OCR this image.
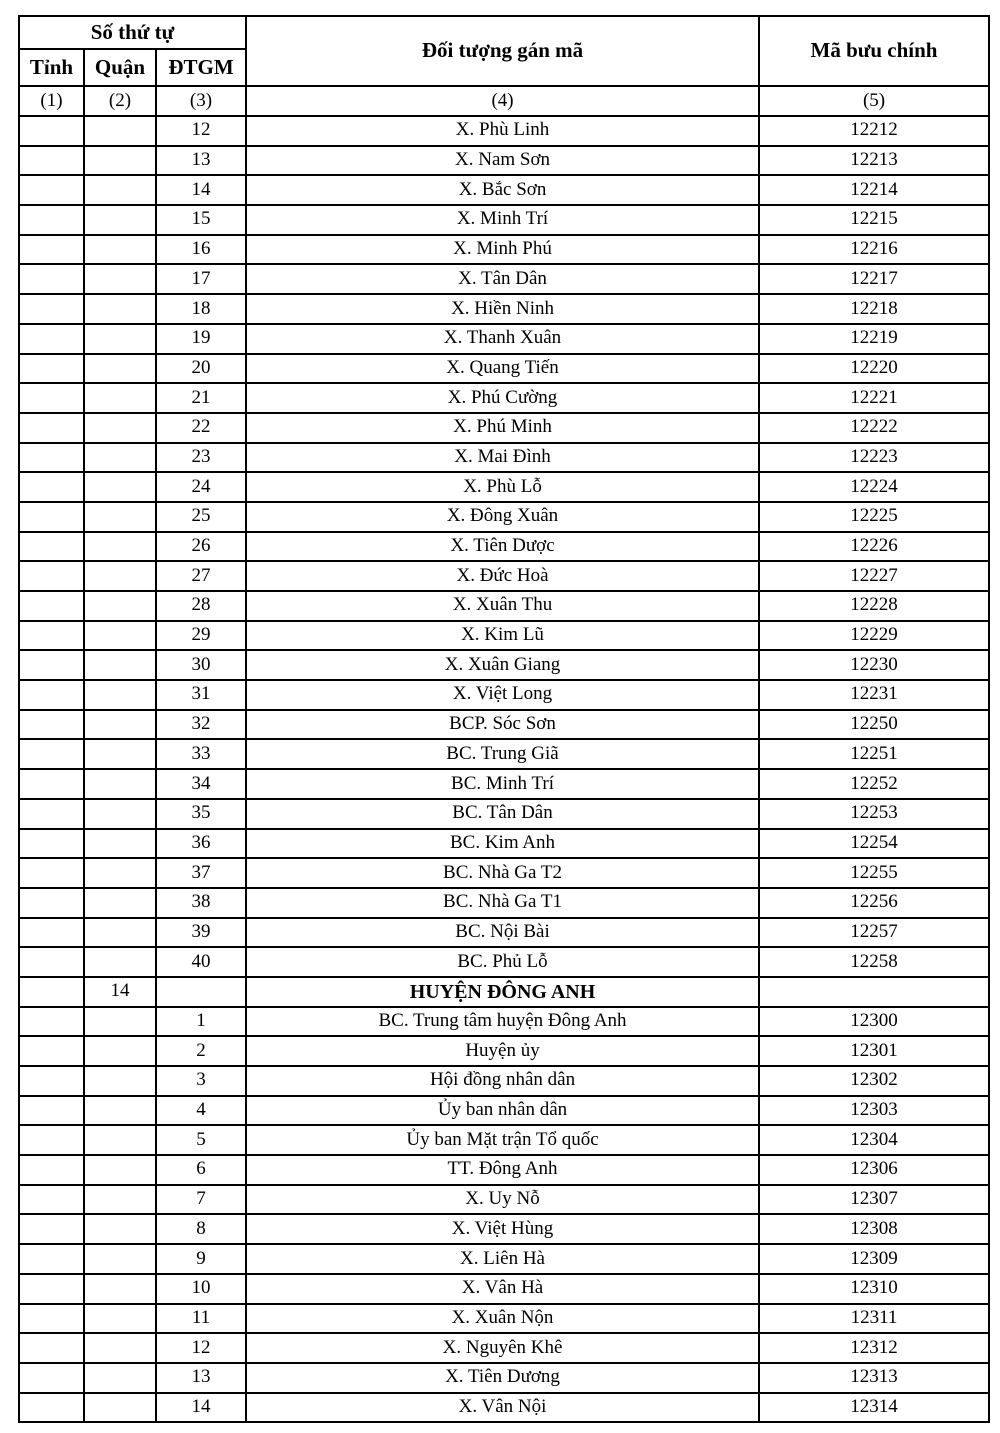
Số thứ tự			Đối tượng gán mã	Mã bưu chính
Tỉnh	Quận	ĐTGM		
(1)	(2)	(3)	(4)	(5)
		12	X. Phù Linh	12212
		13	X. Nam Sơn	12213
		14	X. Bắc Sơn	12214
		15	X. Minh Trí	12215
		16	X. Minh Phú	12216
		17	X. Tân Dân	12217
		18	X. Hiền Ninh	12218
		19	X. Thanh Xuân	12219
		20	X. Quang Tiến	12220
		21	X. Phú Cường	12221
		22	X. Phú Minh	12222
		23	X. Mai Đình	12223
		24	X. Phù Lỗ	12224
		25	X. Đông Xuân	12225
		26	X. Tiên Dược	12226
		27	X. Đức Hoà	12227
		28	X. Xuân Thu	12228
		29	X. Kim Lũ	12229
		30	X. Xuân Giang	12230
		31	X. Việt Long	12231
		32	BCP. Sóc Sơn	12250
		33	BC. Trung Giã	12251
		34	BC. Minh Trí	12252
		35	BC. Tân Dân	12253
		36	BC. Kim Anh	12254
		37	BC. Nhà Ga T2	12255
		38	BC. Nhà Ga T1	12256
		39	BC. Nội Bài	12257
		40	BC. Phủ Lỗ	12258
	14		HUYỆN ĐÔNG ANH	
		1	BC. Trung tâm huyện Đông Anh	12300
		2	Huyện ủy	12301
		3	Hội đồng nhân dân	12302
		4	Ủy ban nhân dân	12303
		5	Ủy ban Mặt trận Tổ quốc	12304
		6	TT. Đông Anh	12306
		7	X. Uy Nỗ	12307
		8	X. Việt Hùng	12308
		9	X. Liên Hà	12309
		10	X. Vân Hà	12310
		11	X. Xuân Nộn	12311
		12	X. Nguyên Khê	12312
		13	X. Tiên Dương	12313
		14	X. Vân Nội	12314
